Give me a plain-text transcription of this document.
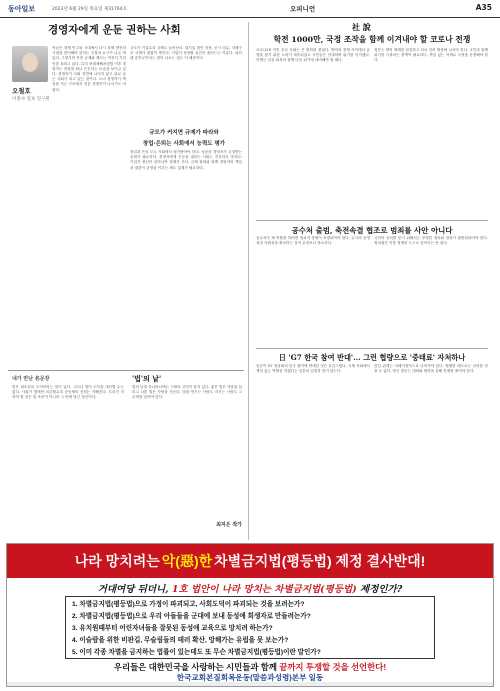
동아일보	2023년 6월 29일 목요일 제31764호	오피니언	A35
경영자에게 운둔 권하는 사회
오철호
이종사 일보 연구원

작년은 경제 민주화 시대에서 다시 경제 발전의 시대를 맞이해야 한다는 주장과 요구가 나온 바 있다. 그렇지만 각종 규제와 제도는 여전히 기업인을 옥죄고 있다. 특히 중대재해처벌법 이후 경영자는 현장을 떠나 은둔하는 모습을 보이고 있다. 경영자가 사회 전면에 나서지 않고 뒤로 숨는 사회가 되고 있는 것이다. 오너 경영자가 책임을 지는 구조에서 전문 경영인이 나서기도 어렵다.

규모가 커질수록 규제도 늘어난다. 대기업 집단 지정, 공시 의무, 지배구조 규제가 겹겹이 쌓인다. 기업이 성장할 유인이 줄어드는 이유다. 피터팬 증후군이라는 말이 나오는 것도 이 때문이다.

규모가 커지면 규제가 따라와
창업·은퇴는 사회에서 능력도 평가

창업과 은퇴 모두 사회에서 평가받아야 한다. 성공한 경영자가 존경받는 문화가 필요하다. 경영자에게 은둔을 권하는 사회는 건강하지 못하다. 기업가 정신이 살아나야 경제가 산다. 규제 완화와 함께 경영자의 책임과 권한이 균형을 이루는 제도 설계가 필요하다.

내가 만난 名문장	'법'의 낱'

법은 최소한의 도덕이라는 말이 있다. 그러나 법이 도덕을 대신할 수는 없다. 사회가 법에만 의존할수록 공동체의 신뢰는 약해진다. 우리가 지켜야 할 것은 법 조문이 아니라 그 안에 담긴 정신이다.

법의 낱말 하나하나에는 시대의 고민이 담겨 있다. 좋은 법은 사람을 살리고 나쁜 법은 사람을 가둔다. 법을 만드는 사람도 지키는 사람도 그 무게를 알아야 한다.

최지은 작가
社 說
학전 1000만, 국정 조작을 함께 이겨내야 할 코로나 전쟁

코로나19 이후 우리 사회는 큰 변화를 겪었다. 방역과 경제 사이에서 균형을 찾기 위한 노력이 계속되었고 국민들은 인내하며 위기를 이겨냈다. 이제는 일상 회복과 함께 다음 위기에 대비해야 할 때다.

정부는 방역 체계를 점검하고 의료 인력 확충에 나서야 한다. 국민과 함께 위기를 극복하는 정책이 필요하다. 책임 있는 자세로 국정을 운영해야 한다.

공수처 출범, 축전속결 협조로 범죄를 사안 아니다

공수처가 제 역할을 하려면 정치적 중립이 보장되어야 한다. 수사의 공정성과 독립성을 확보하는 것이 무엇보다 중요하다.

국민의 신뢰를 얻기 위해서는 투명한 절차와 결과가 뒷받침되어야 한다. 정치권은 이를 정쟁의 도구로 삼아서는 안 된다.

日 'G7 한국 참여 반대'... 그런 협량으로 '중태료' 자처하나

일본이 G7 정상회의 한국 참여에 반대한 것은 유감스럽다. 국제 사회에서 책임 있는 역할을 하겠다는 일본의 입장과 맞지 않는다.

한일 관계는 미래지향적으로 나아가야 한다. 협량한 태도로는 신뢰를 얻을 수 없다. 양국 정부는 대화와 협력을 통해 문제를 풀어야 한다.

나라 망치려는 악(惡)한 차별금지법(평등법) 제정 결사반대!
거대여당 뒤더니, 1호 법안이 나라 망치는 차별금지법(평등법) 제정인가?
1. 차별금지법(평등법)으로 가정이 파괴되고, 사회도덕이 파괴되는 것을 보려는가?
2. 차별금지법(평등법)으로 우리 아들들을 군대에 보내 동성애 희생자로 만들려는가?
3. 유치원때부터 어린자녀들을 잘못된 동성애 교육으로 망치려 하는가?
4. 이슬람을 위한 비판길, 무슬림들의 테러 확산, 망해가는 유럽을 못 보는가?
5. 이미 각종 차별을 금지하는 법률이 있는데도 또 무슨 차별금지법(평등법)이란 말인가?
우리들은 대한민국을 사랑하는 시민들과 함께 끝까지 투쟁할 것을 선언한다!
한국교회본질회복운동(말씀과성령)본부 일동
